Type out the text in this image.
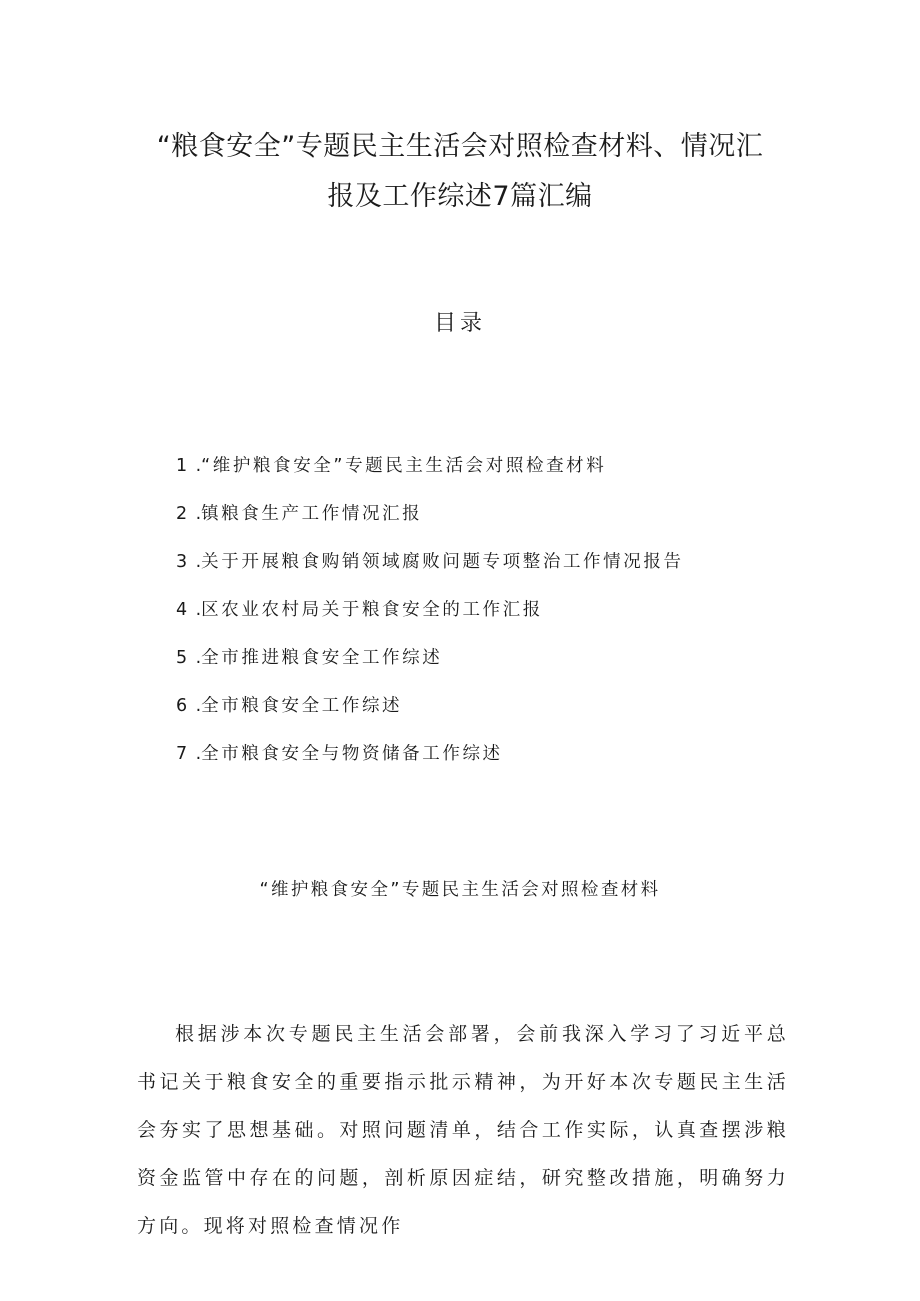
“粮食安全”专题民主生活会对照检查材料、情况汇
报及工作综述7篇汇编
目录
1 .“维护粮食安全”专题民主生活会对照检查材料
2 .镇粮食生产工作情况汇报
3 .关于开展粮食购销领域腐败问题专项整治工作情况报告
4 .区农业农村局关于粮食安全的工作汇报
5 .全市推进粮食安全工作综述
6 .全市粮食安全工作综述
7 .全市粮食安全与物资储备工作综述
“维护粮食安全”专题民主生活会对照检查材料

根据涉本次专题民主生活会部署，会前我深入学习了习近平总书记关于粮食安全的重要指示批示精神，为开好本次专题民主生活会夯实了思想基础。对照问题清单，结合工作实际，认真查摆涉粮资金监管中存在的问题，剖析原因症结，研究整改措施，明确努力方向。现将对照检查情况作
